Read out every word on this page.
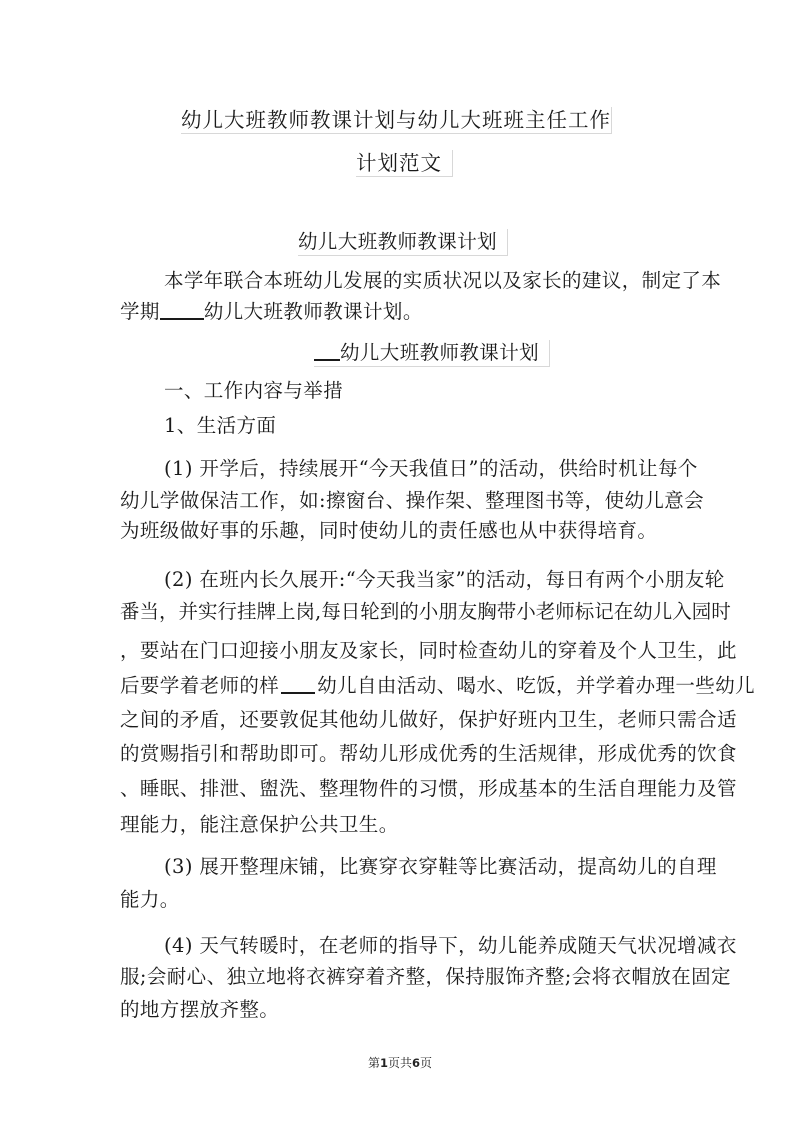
幼儿大班教师教课计划与幼儿大班班主任工作
计划范文
幼儿大班教师教课计划
本学年联合本班幼儿发展的实质状况以及家长的建议，制定了本
学期 幼儿大班教师教课计划。
幼儿大班教师教课计划
一、工作内容与举措
1、生活方面
(1) 开学后，持续展开“今天我值日”的活动，供给时机让每个
幼儿学做保洁工作，如:擦窗台、操作架、整理图书等，使幼儿意会
为班级做好事的乐趣，同时使幼儿的责任感也从中获得培育。
(2) 在班内长久展开:“今天我当家”的活动，每日有两个小朋友轮
番当，并实行挂牌上岗,每日轮到的小朋友胸带小老师标记在幼儿入园时
，要站在门口迎接小朋友及家长，同时检查幼儿的穿着及个人卫生，此
后要学着老师的样 幼儿自由活动、喝水、吃饭，并学着办理一些幼儿
之间的矛盾，还要敦促其他幼儿做好，保护好班内卫生，老师只需合适
的赏赐指引和帮助即可。帮幼儿形成优秀的生活规律，形成优秀的饮食
、睡眠、排泄、盥洗、整理物件的习惯，形成基本的生活自理能力及管
理能力，能注意保护公共卫生。
(3) 展开整理床铺，比赛穿衣穿鞋等比赛活动，提高幼儿的自理
能力。
(4) 天气转暖时，在老师的指导下，幼儿能养成随天气状况增减衣
服;会耐心、独立地将衣裤穿着齐整，保持服饰齐整;会将衣帽放在固定
的地方摆放齐整。
第1页共6页
